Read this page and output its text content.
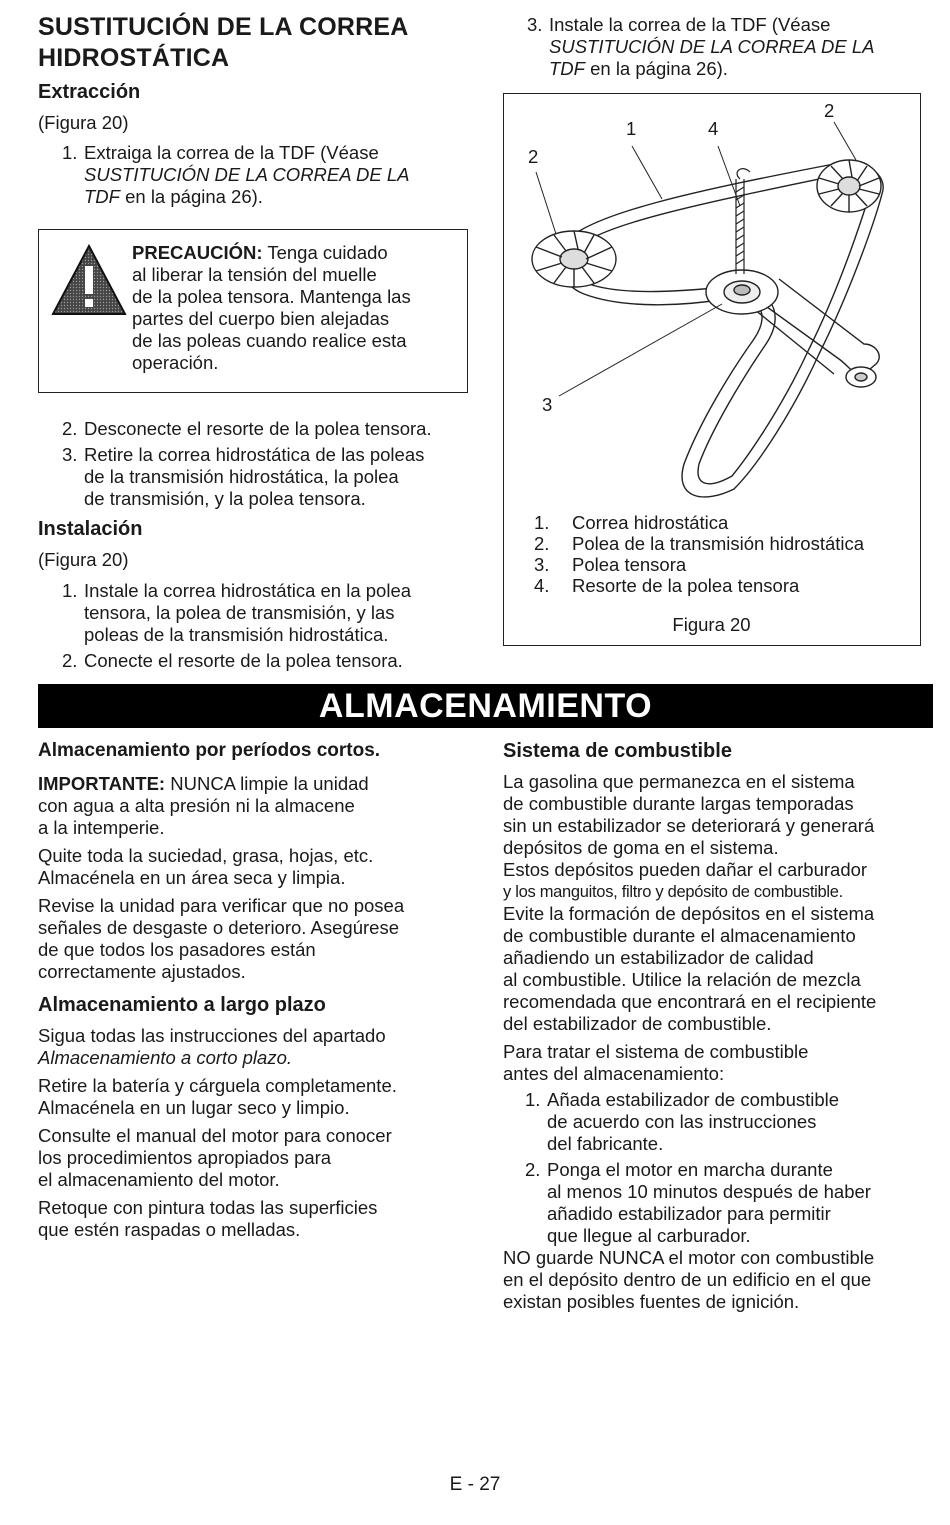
SUSTITUCIÓN DE LA CORREA
HIDROSTÁTICA
Extracción
(Figura 20)
1. Extraiga la correa de la TDF (Véase
SUSTITUCIÓN DE LA CORREA DE LA
TDF en la página 26).
PRECAUCIÓN: Tenga cuidado
al liberar la tensión del muelle
de la polea tensora. Mantenga las
partes del cuerpo bien alejadas
de las poleas cuando realice esta
operación.
2. Desconecte el resorte de la polea tensora.
3. Retire la correa hidrostática de las poleas
de la transmisión hidrostática, la polea
de transmisión, y la polea tensora.
Instalación
(Figura 20)
1. Instale la correa hidrostática en la polea
tensora, la polea de transmisión, y las
poleas de la transmisión hidrostática.
2. Conecte el resorte de la polea tensora.
3. Instale la correa de la TDF (Véase
SUSTITUCIÓN DE LA CORREA DE LA
TDF en la página 26).
1	4
2
2
3
1. Correa hidrostática
2. Polea de la transmisión hidrostática
3. Polea tensora
4. Resorte de la polea tensora
Figura 20
ALMACENAMIENTO
Almacenamiento por períodos cortos.
IMPORTANTE: NUNCA limpie la unidad
con agua a alta presión ni la almacene
a la intemperie.
Quite toda la suciedad, grasa, hojas, etc.
Almacénela en un área seca y limpia.
Revise la unidad para verificar que no posea
señales de desgaste o deterioro. Asegúrese
de que todos los pasadores están
correctamente ajustados.
Almacenamiento a largo plazo
Sigua todas las instrucciones del apartado
Almacenamiento a corto plazo.
Retire la batería y cárguela completamente.
Almacénela en un lugar seco y limpio.
Consulte el manual del motor para conocer
los procedimientos apropiados para
el almacenamiento del motor.
Retoque con pintura todas las superficies
que estén raspadas o melladas.
Sistema de combustible
La gasolina que permanezca en el sistema
de combustible durante largas temporadas
sin un estabilizador se deteriorará y generará
depósitos de goma en el sistema.
Estos depósitos pueden dañar el carburador
y los manguitos, filtro y depósito de combustible.
Evite la formación de depósitos en el sistema
de combustible durante el almacenamiento
añadiendo un estabilizador de calidad
al combustible. Utilice la relación de mezcla
recomendada que encontrará en el recipiente
del estabilizador de combustible.
Para tratar el sistema de combustible
antes del almacenamiento:
1. Añada estabilizador de combustible
de acuerdo con las instrucciones
del fabricante.
2. Ponga el motor en marcha durante
al menos 10 minutos después de haber
añadido estabilizador para permitir
que llegue al carburador.
NO guarde NUNCA el motor con combustible
en el depósito dentro de un edificio en el que
existan posibles fuentes de ignición.
E - 27
